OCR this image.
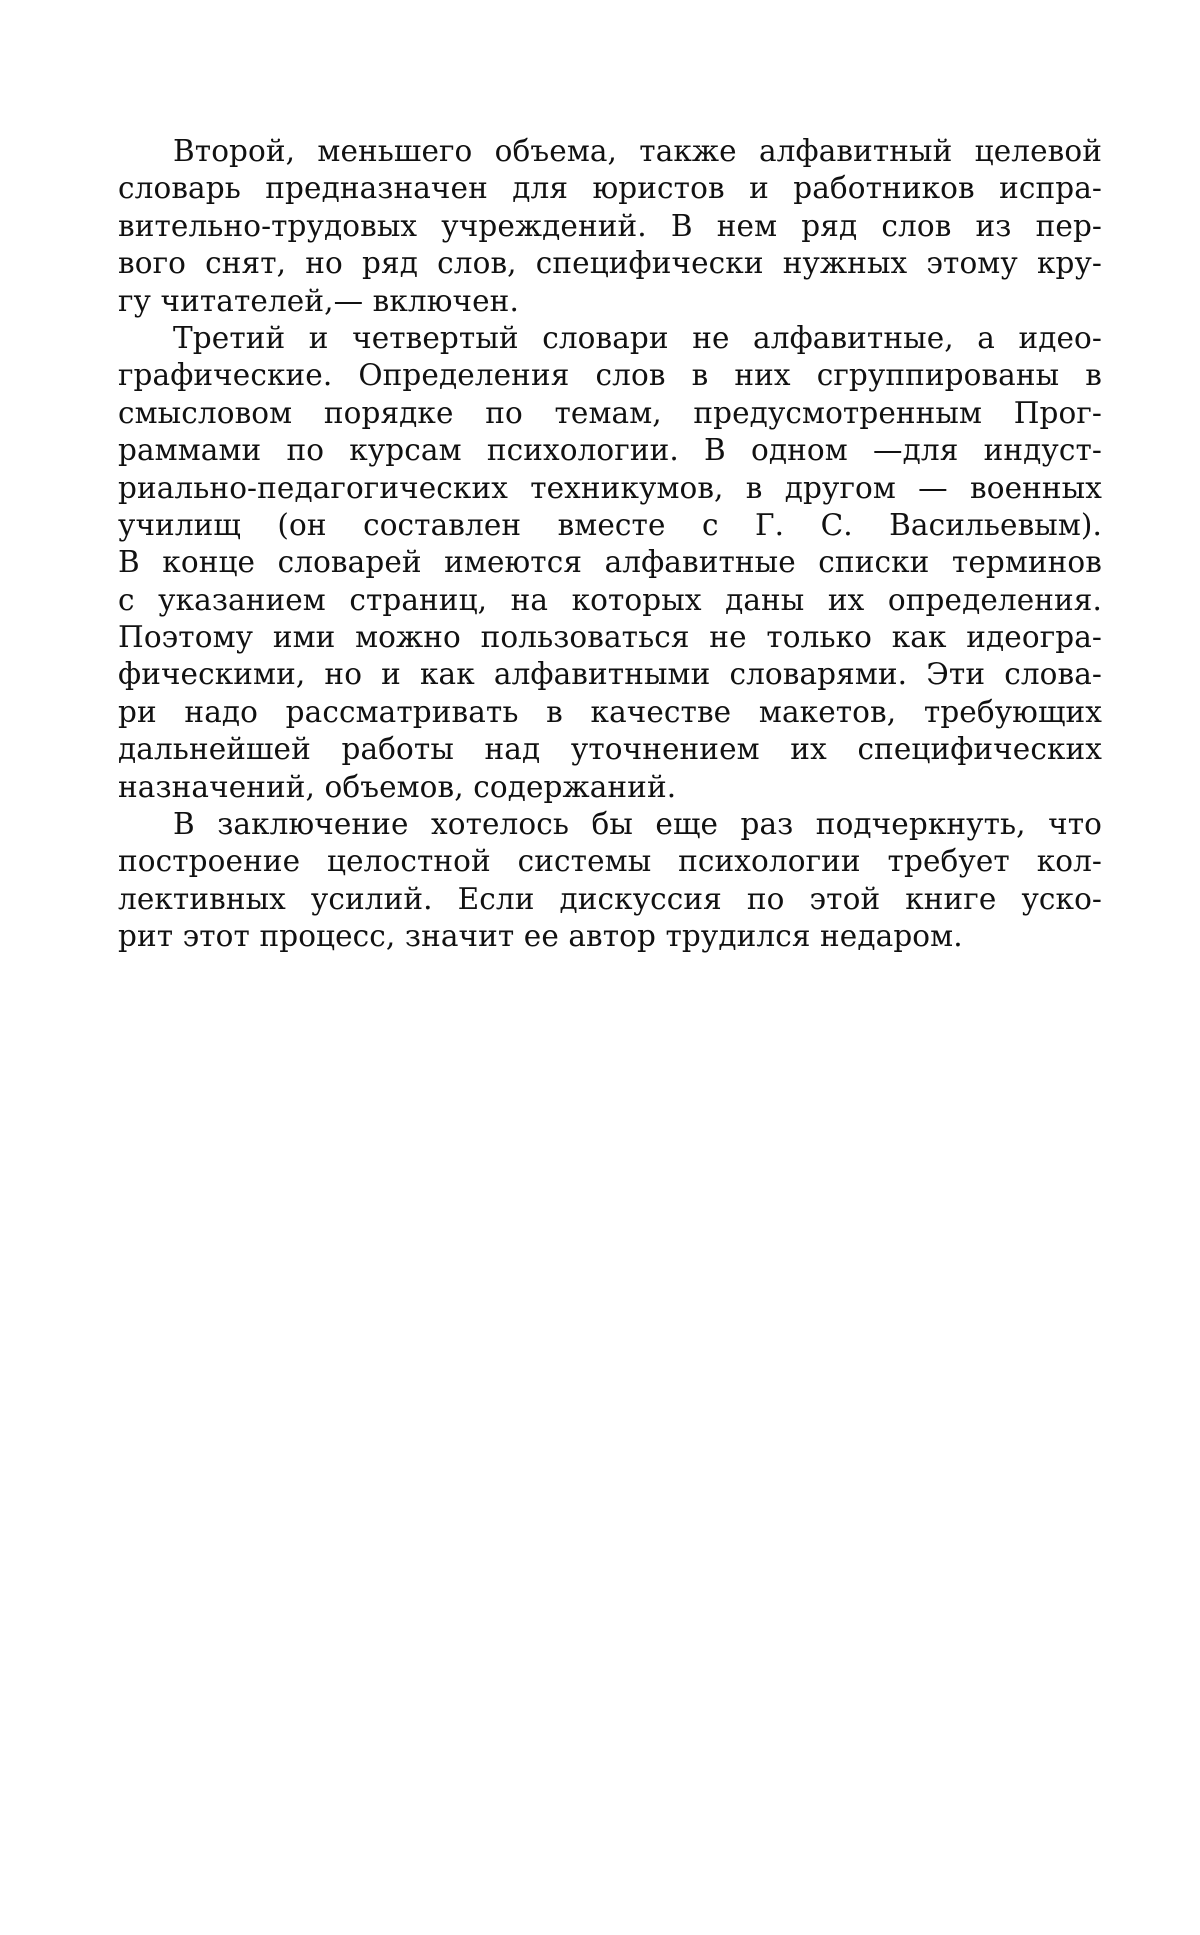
Второй, меньшего объема, также алфавитный целевой
словарь предназначен для юристов и работников испра-
вительно-трудовых учреждений. В нем ряд слов из пер-
вого снят, но ряд слов, специфически нужных этому кру-
гу читателей,— включен.
Третий и четвертый словари не алфавитные, а идео-
графические. Определения слов в них сгруппированы в
смысловом порядке по темам, предусмотренным Прог-
раммами по курсам психологии. В одном —для индуст-
риально-педагогических техникумов, в другом — военных
училищ (он составлен вместе с Г. С. Васильевым).
В конце словарей имеются алфавитные списки терминов
с указанием страниц, на которых даны их определения.
Поэтому ими можно пользоваться не только как идеогра-
фическими, но и как алфавитными словарями. Эти слова-
ри надо рассматривать в качестве макетов, требующих
дальнейшей работы над уточнением их специфических
назначений, объемов, содержаний.
В заключение хотелось бы еще раз подчеркнуть, что
построение целостной системы психологии требует кол-
лективных усилий. Если дискуссия по этой книге уско-
рит этот процесс, значит ее автор трудился недаром.
